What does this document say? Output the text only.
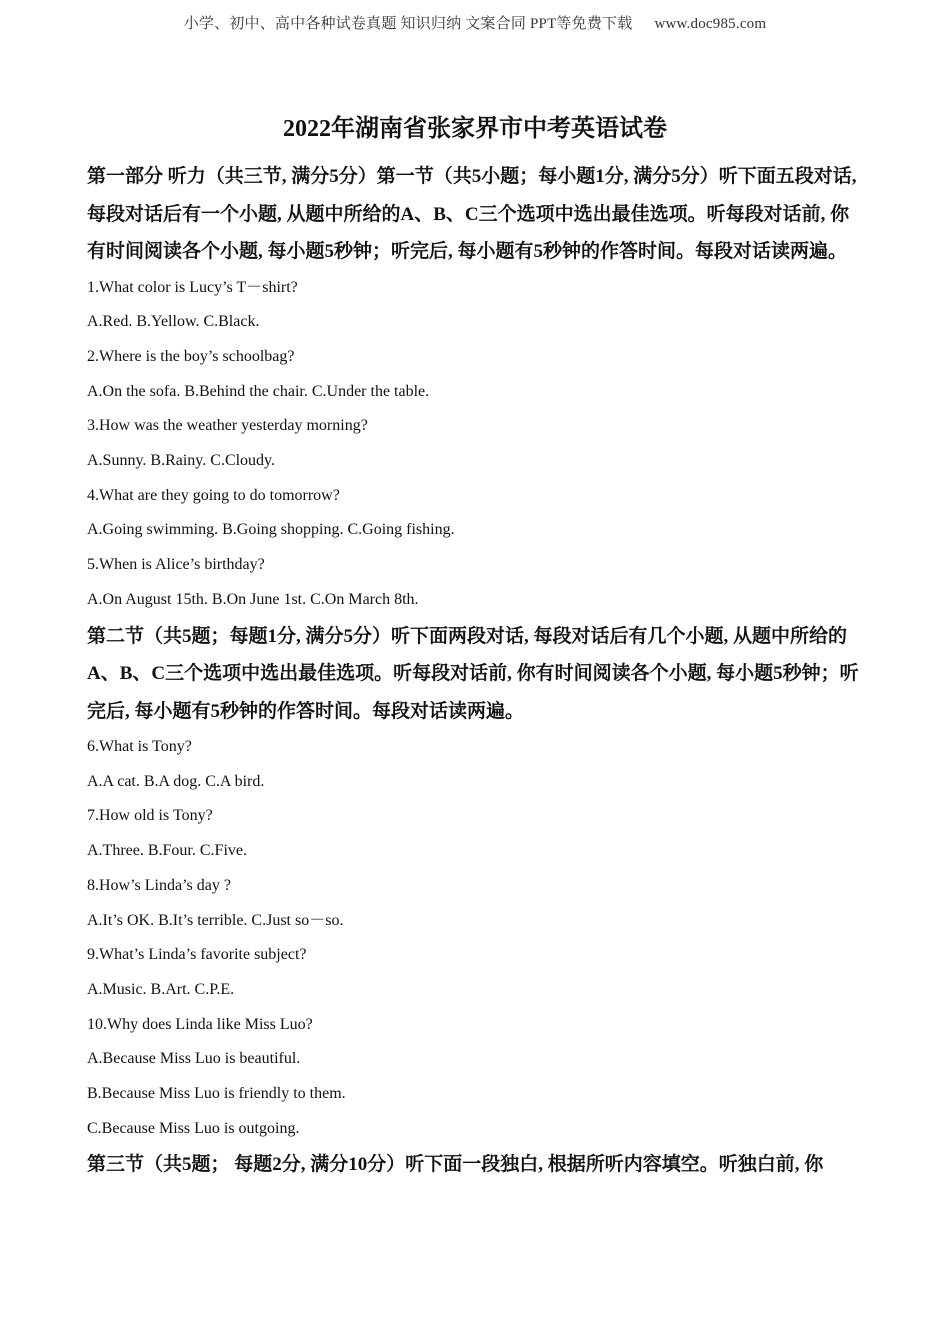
小学、初中、高中各种试卷真题 知识归纳 文案合同 PPT等免费下载 www.doc985.com
2022年湖南省张家界市中考英语试卷

第一部分 听力（共三节, 满分5分）第一节（共5小题；每小题1分, 满分5分）听下面五段对话, 每段对话后有一个小题, 从题中所给的A、B、C三个选项中选出最佳选项。听每段对话前, 你有时间阅读各个小题, 每小题5秒钟；听完后, 每小题有5秒钟的作答时间。每段对话读两遍。

1.What color is Lucy’s T－shirt?

A.Red. B.Yellow. C.Black.

2.Where is the boy’s schoolbag?

A.On the sofa. B.Behind the chair. C.Under the table.

3.How was the weather yesterday morning?

A.Sunny. B.Rainy. C.Cloudy.

4.What are they going to do tomorrow?

A.Going swimming. B.Going shopping. C.Going fishing.

5.When is Alice’s birthday?

A.On August 15th. B.On June 1st. C.On March 8th.

第二节（共5题；每题1分, 满分5分）听下面两段对话, 每段对话后有几个小题, 从题中所给的A、B、C三个选项中选出最佳选项。听每段对话前, 你有时间阅读各个小题, 每小题5秒钟；听完后, 每小题有5秒钟的作答时间。每段对话读两遍。

6.What is Tony?

A.A cat. B.A dog. C.A bird.

7.How old is Tony?

A.Three. B.Four. C.Five.

8.How’s Linda’s day ?

A.It’s OK. B.It’s terrible. C.Just so－so.

9.What’s Linda’s favorite subject?

A.Music. B.Art. C.P.E.

10.Why does Linda like Miss Luo?

A.Because Miss Luo is beautiful.

B.Because Miss Luo is friendly to them.

C.Because Miss Luo is outgoing.

第三节（共5题； 每题2分, 满分10分）听下面一段独白, 根据所听内容填空。听独白前, 你
